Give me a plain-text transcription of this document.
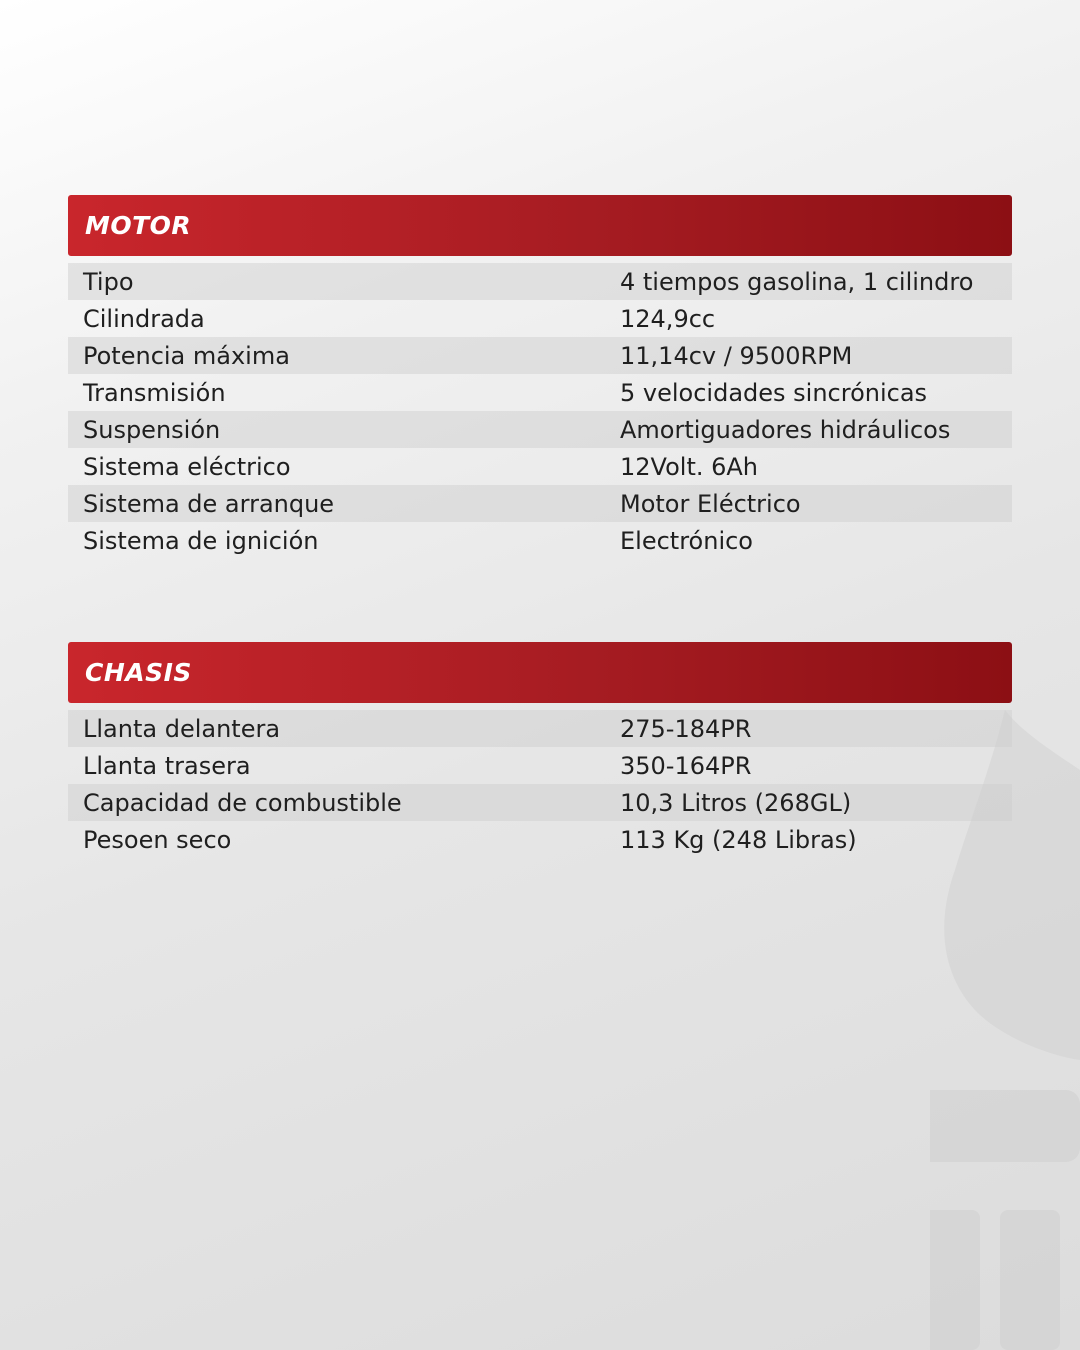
MOTOR
Tipo	4 tiempos gasolina, 1 cilindro
Cilindrada	124,9cc
Potencia máxima	11,14cv / 9500RPM
Transmisión	5 velocidades sincrónicas
Suspensión	Amortiguadores hidráulicos
Sistema eléctrico	12Volt. 6Ah
Sistema de arranque	Motor Eléctrico
Sistema de ignición	Electrónico
CHASIS
Llanta delantera	275-184PR
Llanta trasera	350-164PR
Capacidad de combustible	10,3 Litros (268GL)
Pesoen seco	113 Kg (248 Libras)
